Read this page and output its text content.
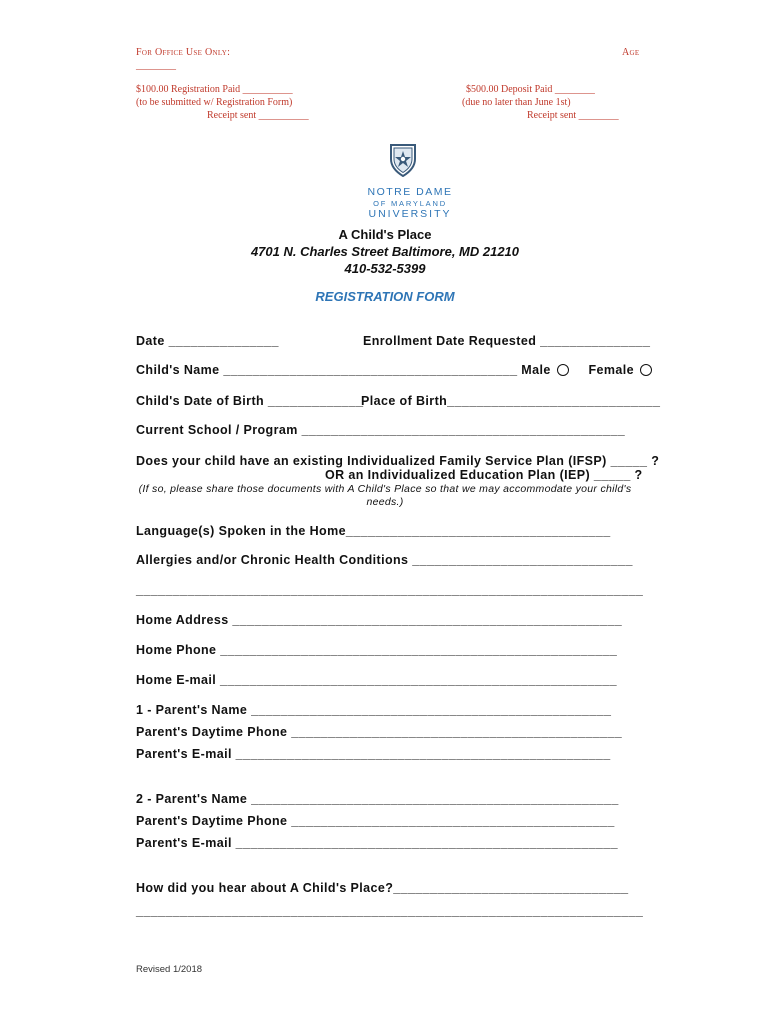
For Office Use Only:	Age
________
$100.00 Registration Paid __________
(to be submitted w/ Registration Form)
Receipt sent __________
$500.00 Deposit Paid ________
(due no later than June 1st)
Receipt sent ________
NOTRE DAME
OF MARYLAND
UNIVERSITY
A Child's Place
4701 N. Charles Street Baltimore, MD 21210
410-532-5399
REGISTRATION FORM
Date _______________	Enrollment Date Requested _______________
Child's Name ________________________________________ Male	Female
Child's Date of Birth _____________
Place of Birth_____________________________
Current School / Program ____________________________________________
Does your child have an existing Individualized Family Service Plan (IFSP) _____ ?
OR an Individualized Education Plan (IEP) _____ ?
(If so, please share those documents with A Child's Place so that we may accommodate your child's
needs.)
Language(s) Spoken in the Home____________________________________
Allergies and/or Chronic Health Conditions ______________________________
_____________________________________________________________________
Home Address _____________________________________________________
Home Phone ______________________________________________________
Home E-mail ______________________________________________________
1 - Parent's Name _________________________________________________
Parent's Daytime Phone _____________________________________________
Parent's E-mail ___________________________________________________
2 - Parent's Name __________________________________________________
Parent's Daytime Phone ____________________________________________
Parent's E-mail ____________________________________________________
How did you hear about A Child's Place?________________________________
_____________________________________________________________________
Revised 1/2018
